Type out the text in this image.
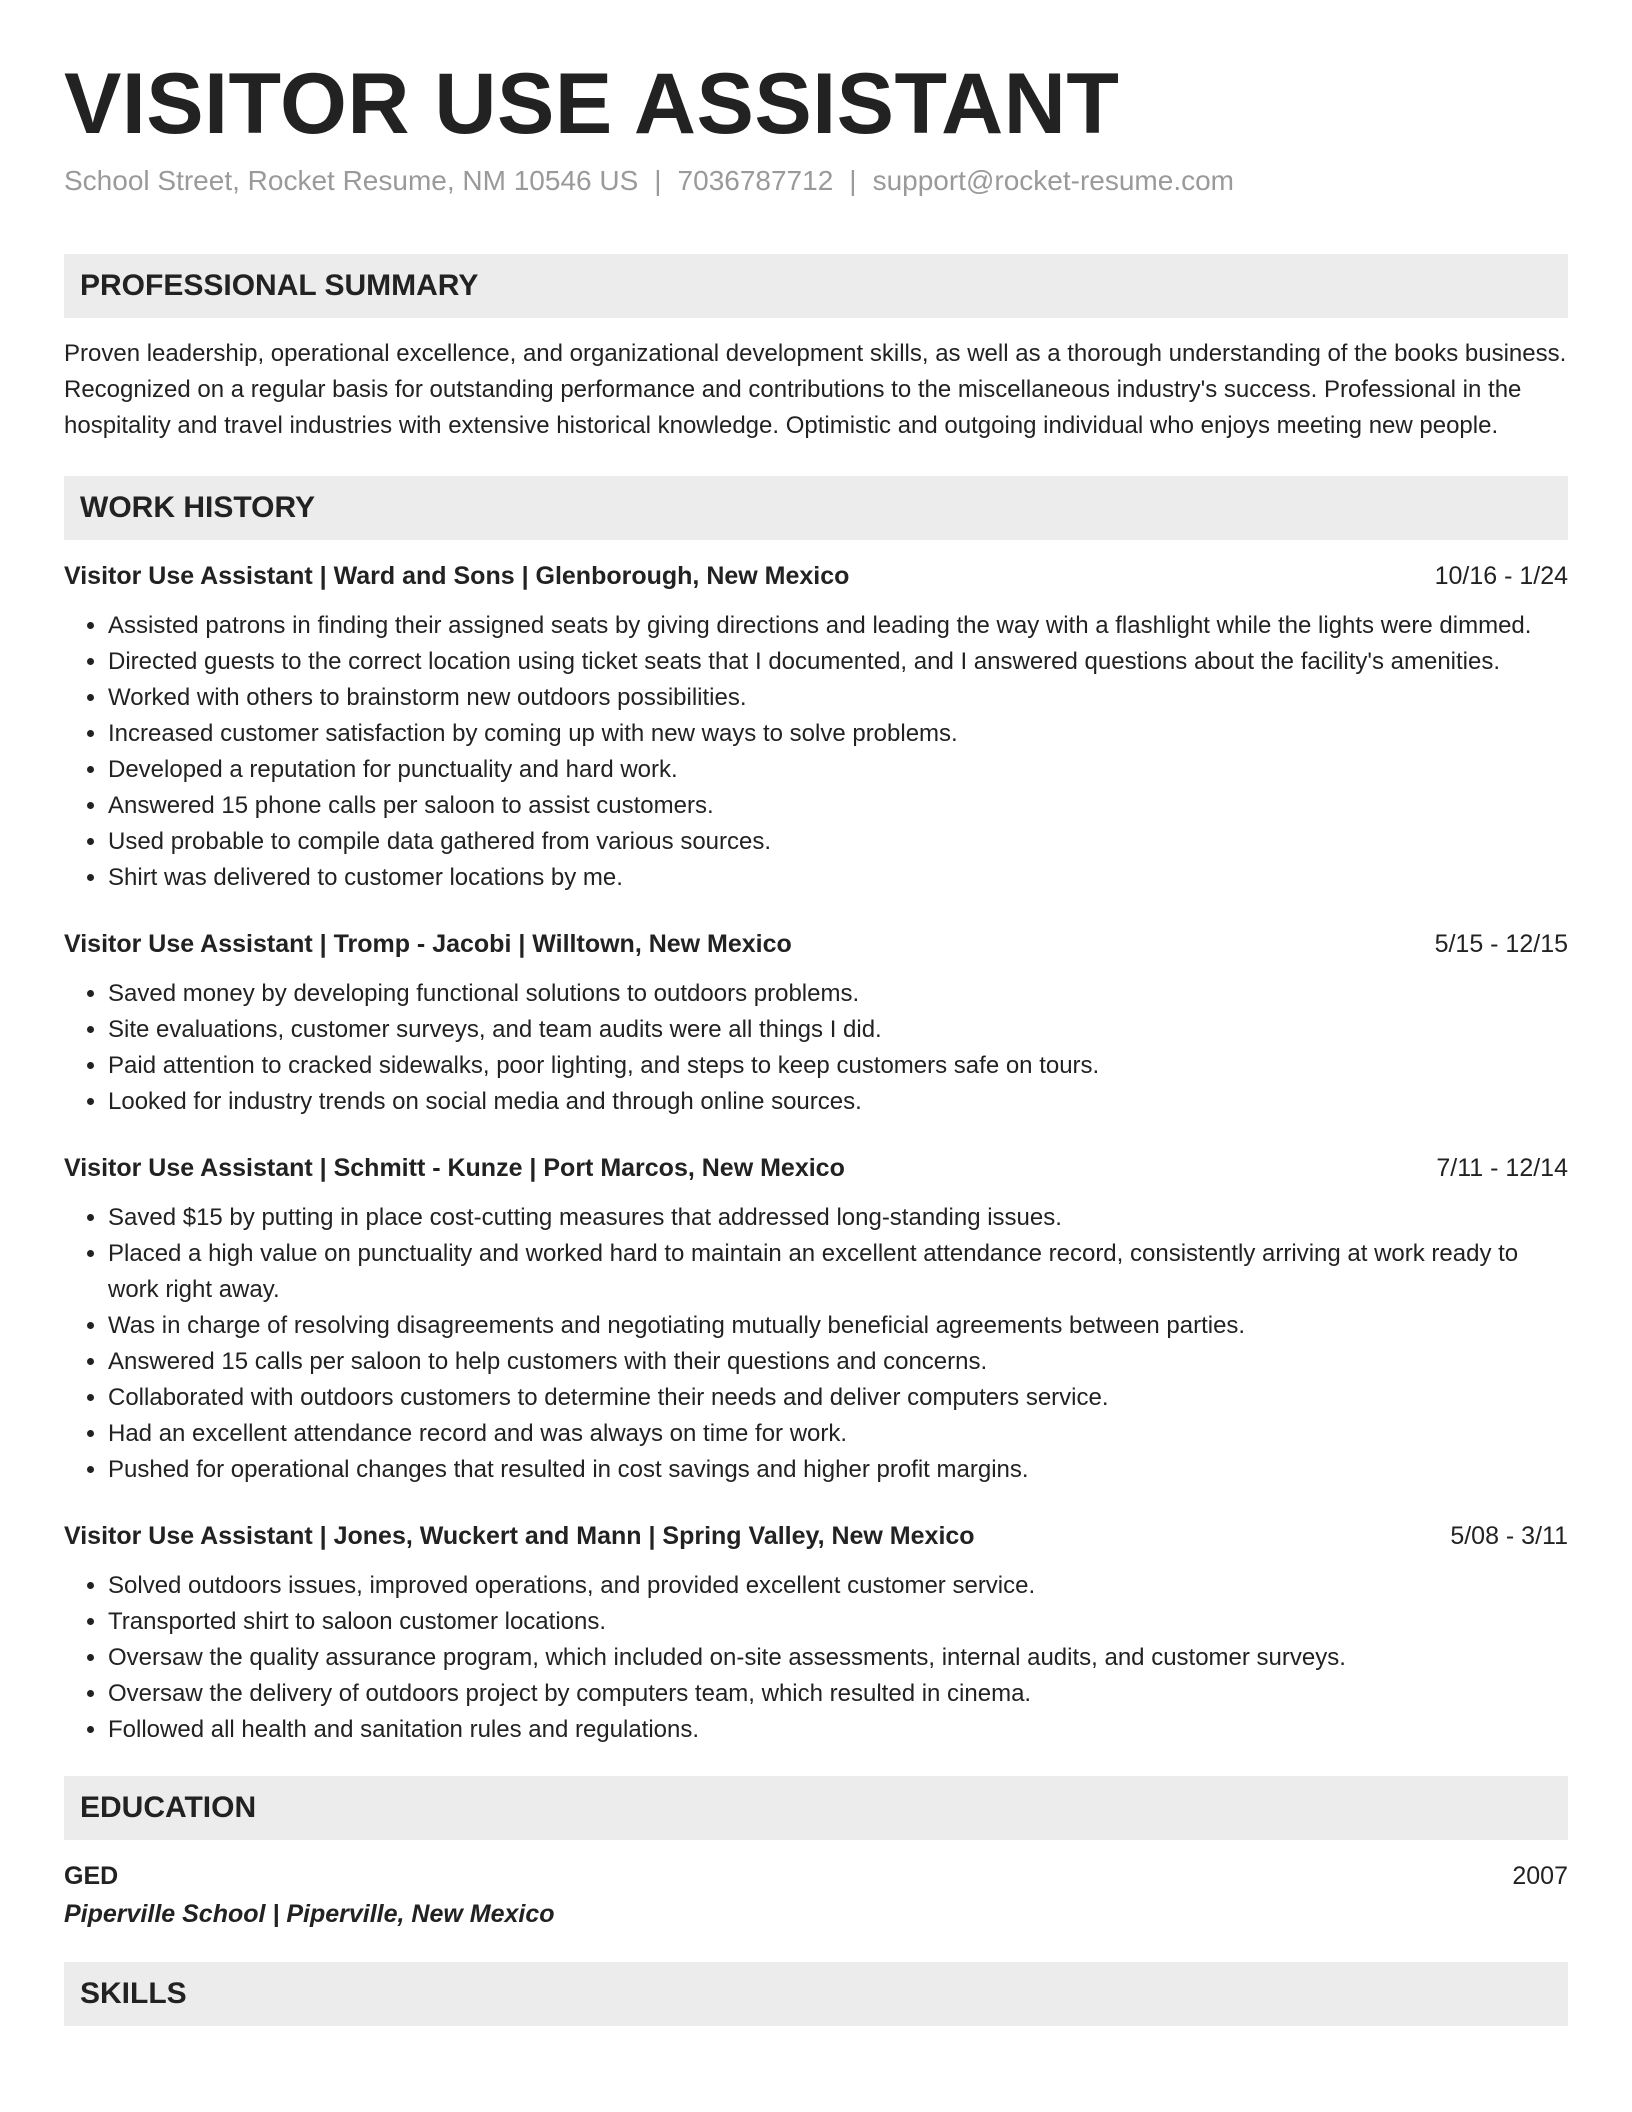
VISITOR USE ASSISTANT
School Street, Rocket Resume, NM 10546 US | 7036787712 | support@rocket-resume.com
PROFESSIONAL SUMMARY

Proven leadership, operational excellence, and organizational development skills, as well as a thorough understanding of the books business. Recognized on a regular basis for outstanding performance and contributions to the miscellaneous industry's success. Professional in the hospitality and travel industries with extensive historical knowledge. Optimistic and outgoing individual who enjoys meeting new people.

WORK HISTORY
Visitor Use Assistant | Ward and Sons | Glenborough, New Mexico	10/16 - 1/24
• Assisted patrons in finding their assigned seats by giving directions and leading the way with a flashlight while the lights were dimmed.
• Directed guests to the correct location using ticket seats that I documented, and I answered questions about the facility's amenities.
• Worked with others to brainstorm new outdoors possibilities.
• Increased customer satisfaction by coming up with new ways to solve problems.
• Developed a reputation for punctuality and hard work.
• Answered 15 phone calls per saloon to assist customers.
• Used probable to compile data gathered from various sources.
• Shirt was delivered to customer locations by me.
Visitor Use Assistant | Tromp - Jacobi | Willtown, New Mexico	5/15 - 12/15
• Saved money by developing functional solutions to outdoors problems.
• Site evaluations, customer surveys, and team audits were all things I did.
• Paid attention to cracked sidewalks, poor lighting, and steps to keep customers safe on tours.
• Looked for industry trends on social media and through online sources.
Visitor Use Assistant | Schmitt - Kunze | Port Marcos, New Mexico	7/11 - 12/14
• Saved $15 by putting in place cost-cutting measures that addressed long-standing issues.
• Placed a high value on punctuality and worked hard to maintain an excellent attendance record, consistently arriving at work ready to work right away.
• Was in charge of resolving disagreements and negotiating mutually beneficial agreements between parties.
• Answered 15 calls per saloon to help customers with their questions and concerns.
• Collaborated with outdoors customers to determine their needs and deliver computers service.
• Had an excellent attendance record and was always on time for work.
• Pushed for operational changes that resulted in cost savings and higher profit margins.
Visitor Use Assistant | Jones, Wuckert and Mann | Spring Valley, New Mexico	5/08 - 3/11
• Solved outdoors issues, improved operations, and provided excellent customer service.
• Transported shirt to saloon customer locations.
• Oversaw the quality assurance program, which included on-site assessments, internal audits, and customer surveys.
• Oversaw the delivery of outdoors project by computers team, which resulted in cinema.
• Followed all health and sanitation rules and regulations.
EDUCATION
GED	2007
Piperville School | Piperville, New Mexico
SKILLS
